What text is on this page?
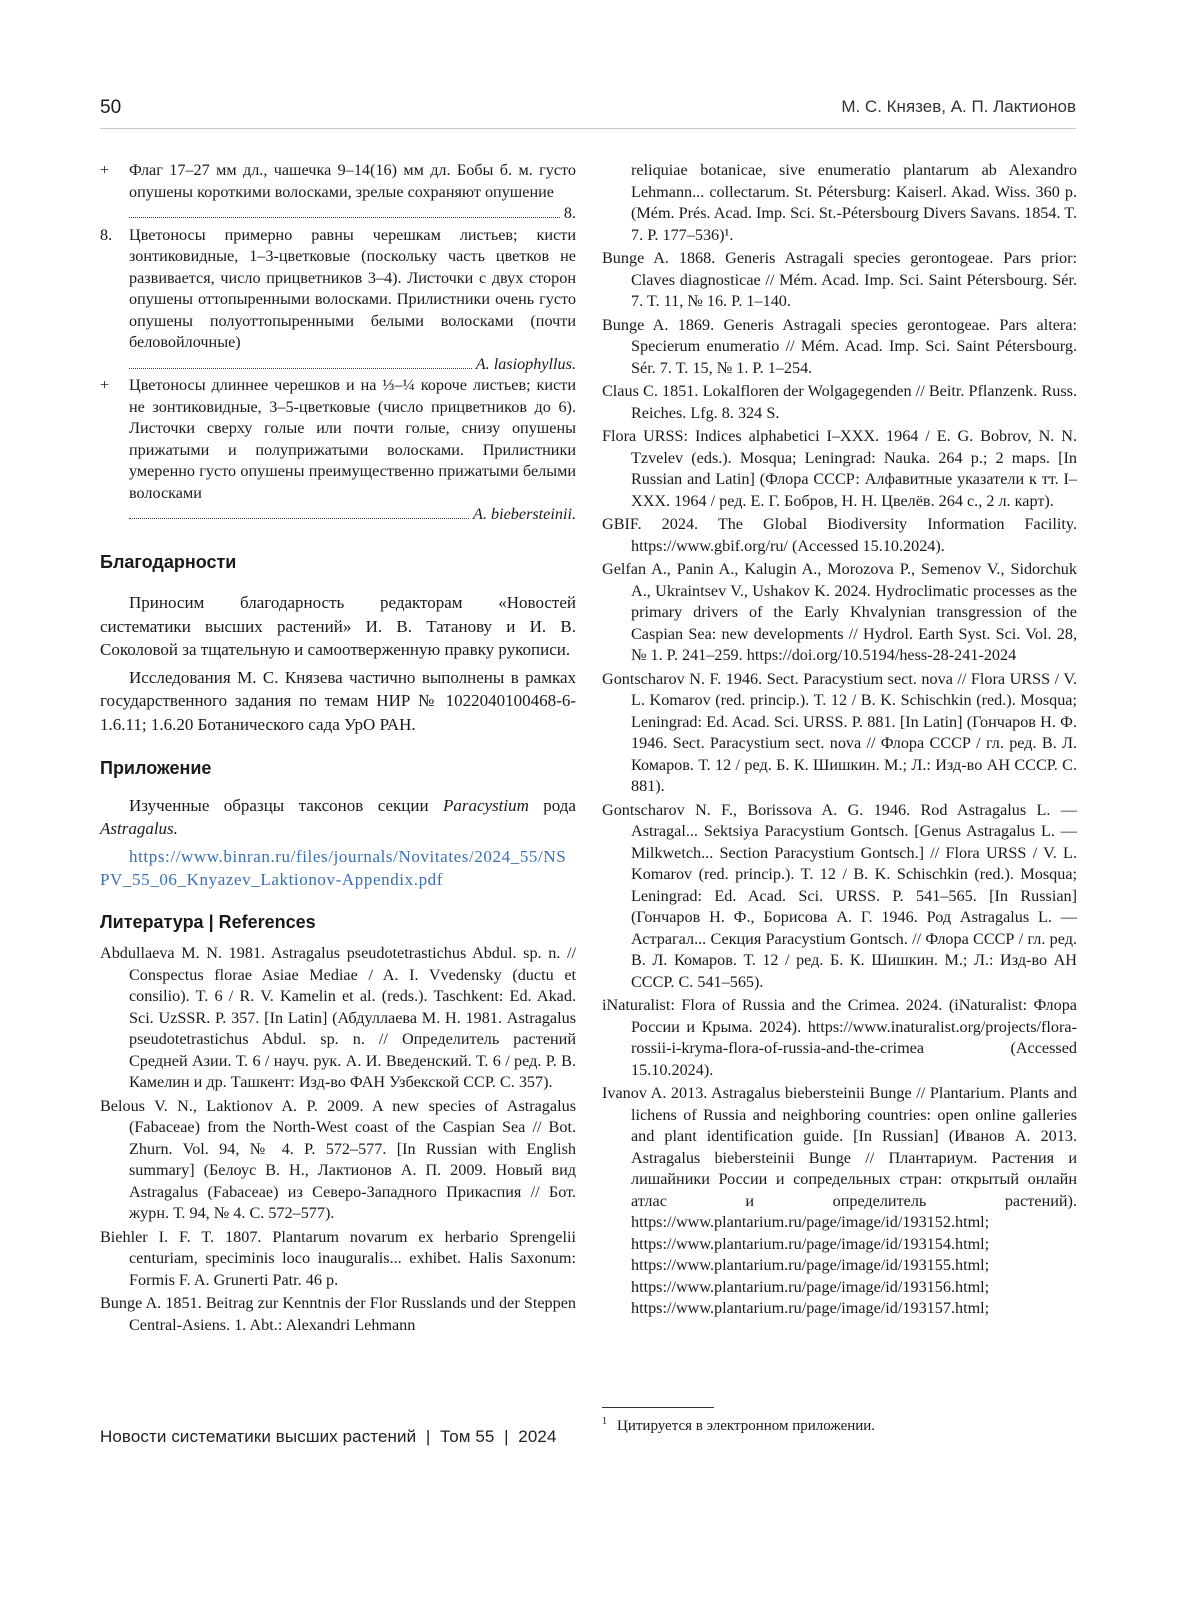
50	М. С. Князев, А. П. Лактионов
+ Флаг 17–27 мм дл., чашечка 9–14(16) мм дл. Бобы б. м. густо опушены короткими волосками, зрелые сохраняют опушение
8.
8. Цветоносы примерно равны черешкам листьев; кисти зонтиковидные, 1–3-цветковые (поскольку часть цветков не развивается, число прицветников 3–4). Листочки с двух сторон опушены оттопыренными волосками. Прилистники очень густо опушены полуоттопыренными белыми волосками (почти беловойлочные)
A. lasiophyllus.
+ Цветоносы длиннее черешков и на ⅓–¼ короче листьев; кисти не зонтиковидные, 3–5-цветковые (число прицветников до 6). Листочки сверху голые или почти голые, снизу опушены прижатыми и полуприжатыми волосками. Прилистники умеренно густо опушены преимущественно прижатыми белыми волосками
A. biebersteinii.
Благодарности

Приносим благодарность редакторам «Новостей систематики высших растений» И. В. Татанову и И. В. Соколовой за тщательную и самоотверженную правку рукописи.

Исследования М. С. Князева частично выполнены в рамках государственного задания по темам НИР № 1022040100468-6-1.6.11; 1.6.20 Ботанического сада УрО РАН.

Приложение

Изученные образцы таксонов секции Paracystium рода Astragalus.

https://www.binran.ru/files/journals/Novitates/2024_55/NSPV_55_06_Knyazev_Laktionov-Appendix.pdf

Литература | References

Abdullaeva M. N. 1981. Astragalus pseudotetrastichus Abdul. sp. n. // Conspectus florae Asiae Mediae / A. I. Vvedensky (ductu et consilio). T. 6 / R. V. Kamelin et al. (reds.). Taschkent: Ed. Akad. Sci. UzSSR. P. 357. [In Latin] (Абдуллаева М. Н. 1981. Astragalus pseudotetrastichus Abdul. sp. n. // Определитель растений Средней Азии. Т. 6 / науч. рук. А. И. Введенский. Т. 6 / ред. Р. В. Камелин и др. Ташкент: Изд-во ФАН Узбекской ССР. С. 357).

Belous V. N., Laktionov A. P. 2009. A new species of Astragalus (Fabaceae) from the North-West coast of the Caspian Sea // Bot. Zhurn. Vol. 94, № 4. P. 572–577. [In Russian with English summary] (Белоус В. Н., Лактионов А. П. 2009. Новый вид Astragalus (Fabaceae) из Северо-Западного Прикаспия // Бот. журн. Т. 94, № 4. С. 572–577).

Biehler I. F. T. 1807. Plantarum novarum ex herbario Sprengelii centuriam, speciminis loco inauguralis... exhibet. Halis Saxonum: Formis F. A. Grunerti Patr. 46 p.

Bunge A. 1851. Beitrag zur Kenntnis der Flor Russlands und der Steppen Central-Asiens. 1. Abt.: Alexandri Lehmann

reliquiae botanicae, sive enumeratio plantarum ab Alexandro Lehmann... collectarum. St. Pétersburg: Kaiserl. Akad. Wiss. 360 p. (Mém. Prés. Acad. Imp. Sci. St.-Pétersbourg Divers Savans. 1854. T. 7. P. 177–536)¹.

Bunge A. 1868. Generis Astragali species gerontogeae. Pars prior: Claves diagnosticae // Mém. Acad. Imp. Sci. Saint Pétersbourg. Sér. 7. T. 11, № 16. P. 1–140.

Bunge A. 1869. Generis Astragali species gerontogeae. Pars altera: Specierum enumeratio // Mém. Acad. Imp. Sci. Saint Pétersbourg. Sér. 7. T. 15, № 1. P. 1–254.

Claus C. 1851. Lokalfloren der Wolgagegenden // Beitr. Pflanzenk. Russ. Reiches. Lfg. 8. 324 S.

Flora URSS: Indices alphabetici I–XXX. 1964 / E. G. Bobrov, N. N. Tzvelev (eds.). Mosqua; Leningrad: Nauka. 264 p.; 2 maps. [In Russian and Latin] (Флора СССР: Алфавитные указатели к тт. I–XXX. 1964 / ред. Е. Г. Бобров, Н. Н. Цвелёв. 264 с., 2 л. карт).

GBIF. 2024. The Global Biodiversity Information Facility. https://www.gbif.org/ru/ (Accessed 15.10.2024).

Gelfan A., Panin A., Kalugin A., Morozova P., Semenov V., Sidorchuk A., Ukraintsev V., Ushakov K. 2024. Hydroclimatic processes as the primary drivers of the Early Khvalynian transgression of the Caspian Sea: new developments // Hydrol. Earth Syst. Sci. Vol. 28, № 1. P. 241–259. https://doi.org/10.5194/hess-28-241-2024

Gontscharov N. F. 1946. Sect. Paracystium sect. nova // Flora URSS / V. L. Komarov (red. princip.). T. 12 / B. K. Schischkin (red.). Mosqua; Leningrad: Ed. Acad. Sci. URSS. P. 881. [In Latin] (Гончаров Н. Ф. 1946. Sect. Paracystium sect. nova // Флора СССР / гл. ред. В. Л. Комаров. Т. 12 / ред. Б. К. Шишкин. М.; Л.: Изд-во АН СССР. С. 881).

Gontscharov N. F., Borissova A. G. 1946. Rod Astragalus L. — Astragal... Sektsiya Paracystium Gontsch. [Genus Astragalus L. — Milkwetch... Section Paracystium Gontsch.] // Flora URSS / V. L. Komarov (red. princip.). T. 12 / B. K. Schischkin (red.). Mosqua; Leningrad: Ed. Acad. Sci. URSS. P. 541–565. [In Russian] (Гончаров Н. Ф., Борисова А. Г. 1946. Род Astragalus L. — Астрагал... Секция Paracystium Gontsch. // Флора СССР / гл. ред. В. Л. Комаров. Т. 12 / ред. Б. К. Шишкин. М.; Л.: Изд-во АН СССР. С. 541–565).

iNaturalist: Flora of Russia and the Crimea. 2024. (iNaturalist: Флора России и Крыма. 2024). https://www.inaturalist.org/projects/flora-rossii-i-kryma-flora-of-russia-and-the-crimea (Accessed 15.10.2024).

Ivanov A. 2013. Astragalus biebersteinii Bunge // Plantarium. Plants and lichens of Russia and neighboring countries: open online galleries and plant identification guide. [In Russian] (Иванов А. 2013. Astragalus biebersteinii Bunge // Плантариум. Растения и лишайники России и сопредельных стран: открытый онлайн атлас и определитель растений). https://www.plantarium.ru/page/image/id/193152.html; https://www.plantarium.ru/page/image/id/193154.html; https://www.plantarium.ru/page/image/id/193155.html; https://www.plantarium.ru/page/image/id/193156.html; https://www.plantarium.ru/page/image/id/193157.html;

$^1$ Цитируется в электронном приложении.
Новости систематики высших растений  |  Том 55  |  2024
